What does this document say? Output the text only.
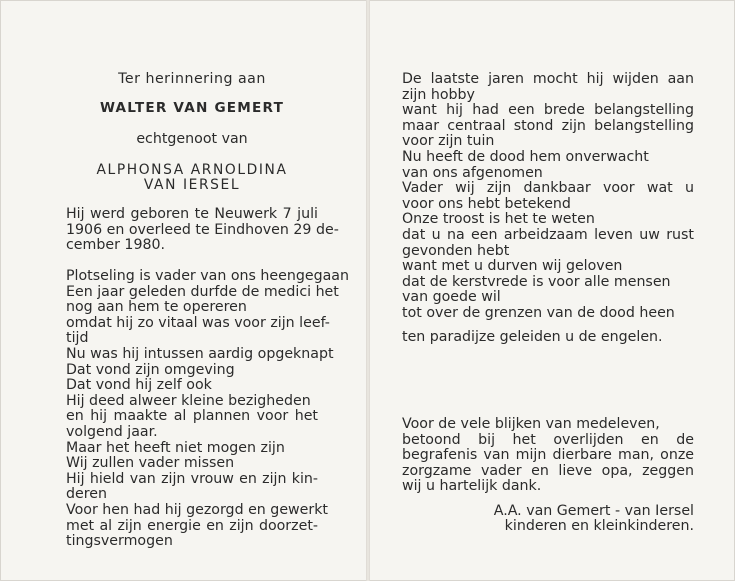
Ter herinnering aan
WALTER VAN GEMERT
echtgenoot van
ALPHONSA ARNOLDINA
VAN IERSEL
Hij werd geboren te Neuwerk 7 juli
1906 en overleed te Eindhoven 29 de-
cember 1980.
Plotseling is vader van ons heengegaan
Een jaar geleden durfde de medici het
nog aan hem te opereren
omdat hij zo vitaal was voor zijn leef-
tijd
Nu was hij intussen aardig opgeknapt
Dat vond zijn omgeving
Dat vond hij zelf ook
Hij deed alweer kleine bezigheden
en hij maakte al plannen voor het
volgend jaar.
Maar het heeft niet mogen zijn
Wij zullen vader missen
Hij hield van zijn vrouw en zijn kin-
deren
Voor hen had hij gezorgd en gewerkt
met al zijn energie en zijn doorzet-
tingsvermogen
De laatste jaren mocht hij wijden aan
zijn hobby
want hij had een brede belangstelling
maar centraal stond zijn belangstelling
voor zijn tuin
Nu heeft de dood hem onverwacht
van ons afgenomen
Vader wij zijn dankbaar voor wat u
voor ons hebt betekend
Onze troost is het te weten
dat u na een arbeidzaam leven uw rust
gevonden hebt
want met u durven wij geloven
dat de kerstvrede is voor alle mensen
van goede wil
tot over de grenzen van de dood heen
ten paradijze geleiden u de engelen.
Voor de vele blijken van medeleven,
betoond bij het overlijden en de
begrafenis van mijn dierbare man, onze
zorgzame vader en lieve opa, zeggen
wij u hartelijk dank.
A.A. van Gemert - van Iersel
kinderen en kleinkinderen.
